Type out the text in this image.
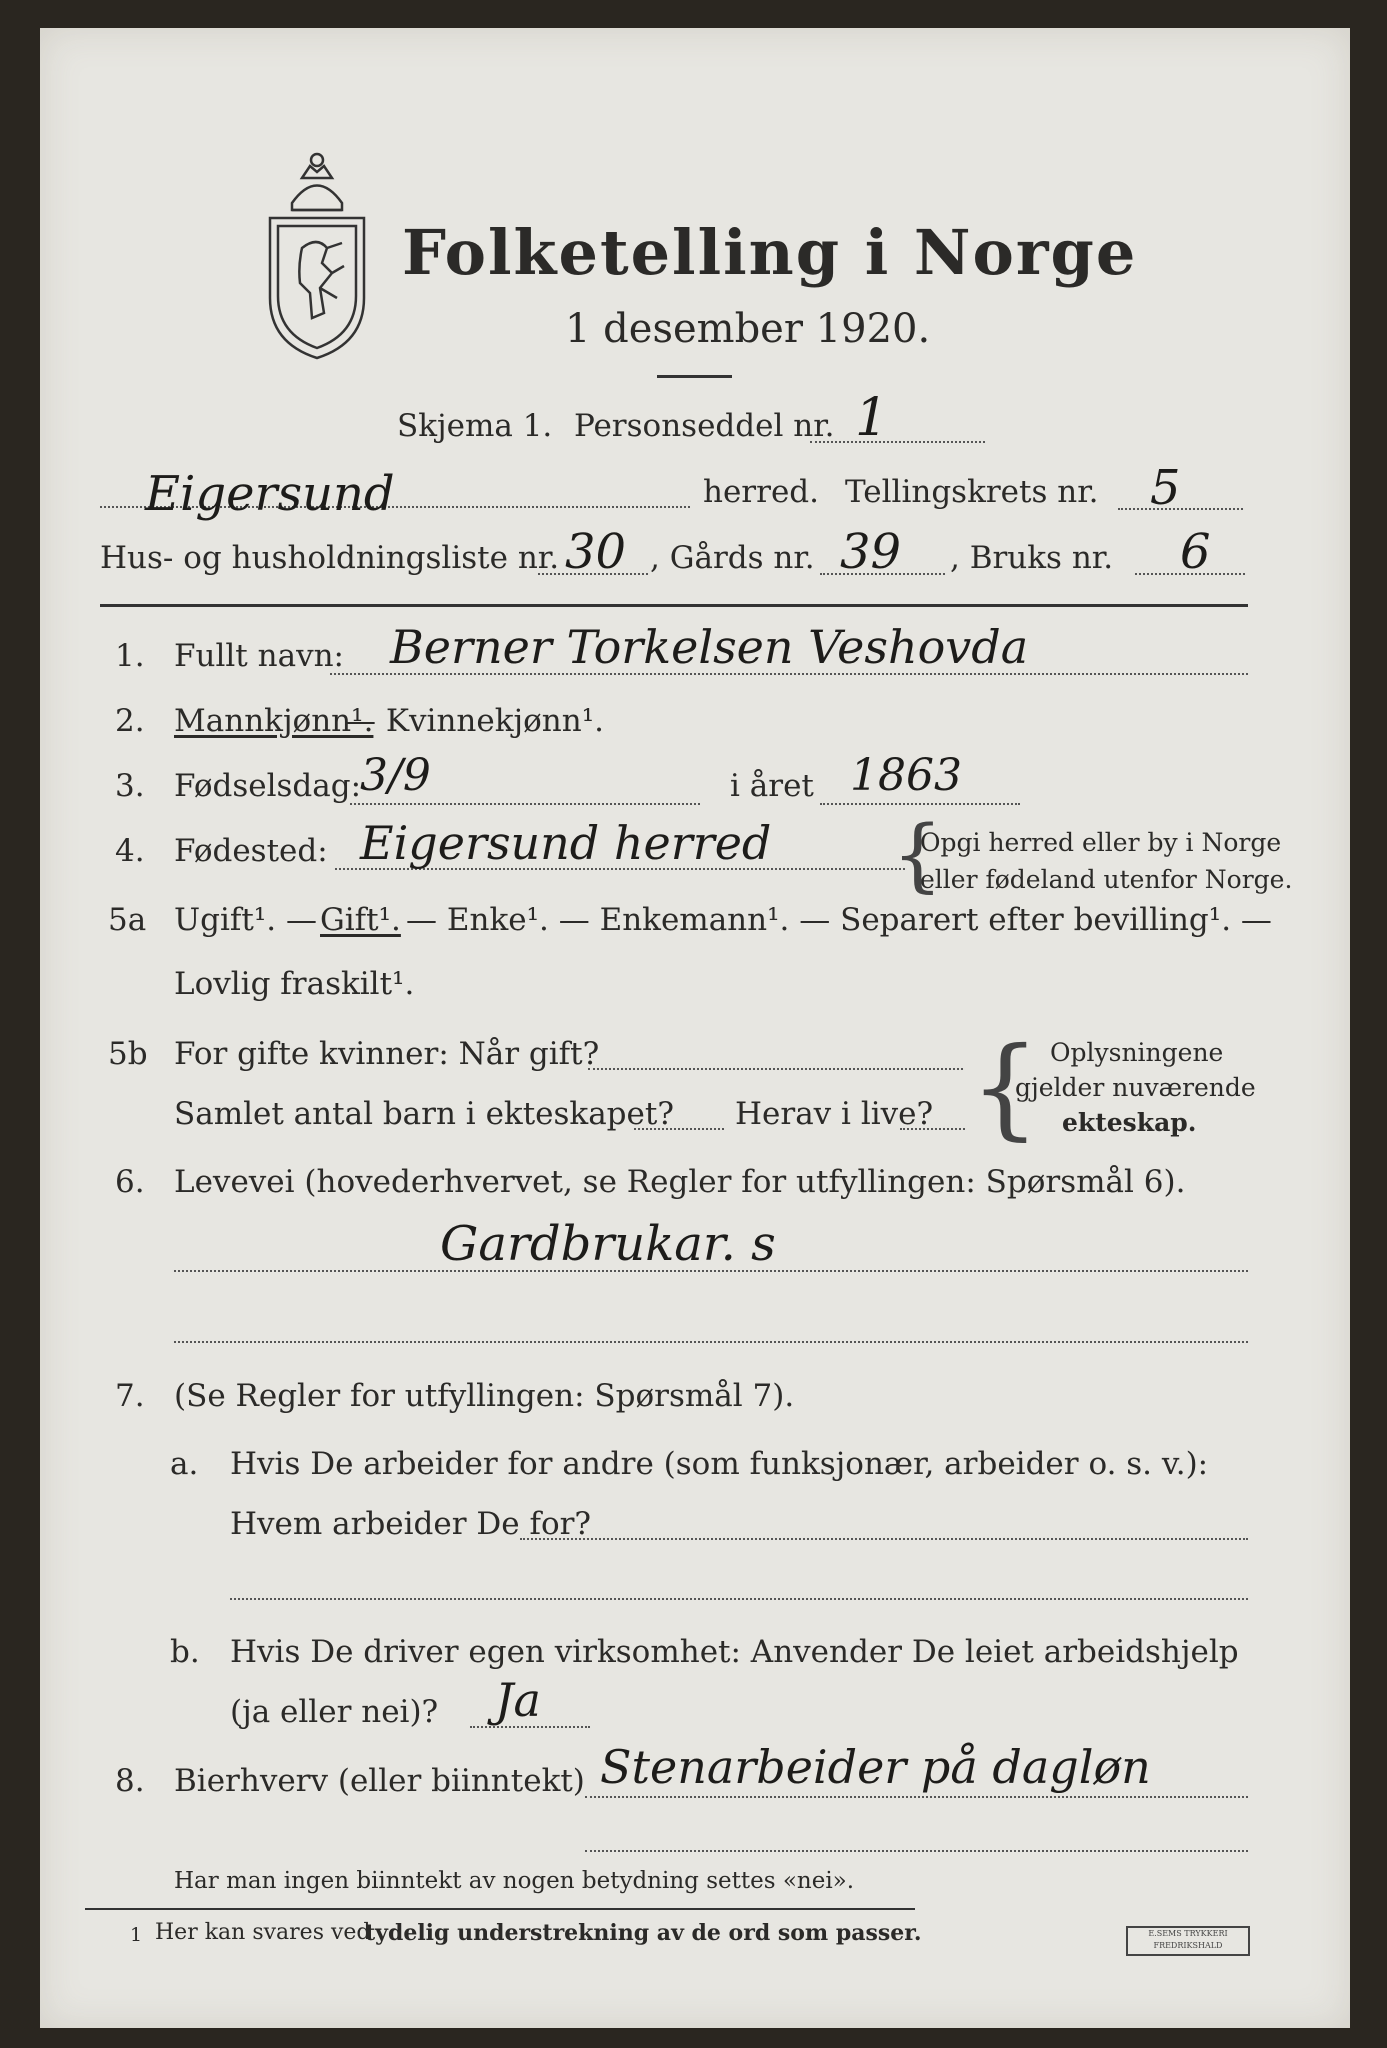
Folketelling i Norge
1 desember 1920.
Skjema 1. Personseddel nr. 1
Eigersund	herred. Tellingskrets nr. 5
Hus- og husholdningsliste nr. 30 , Gårds nr. 39 , Bruks nr. 6
1. Fullt navn: Berner Torkelsen Veshovda
2. Mannkjønn¹.
— Kvinnekjønn¹.
3. Fødselsdag:
3/9	i året 1863
4. Fødested: Eigersund herred {
Opgi herred eller by i Norge
eller fødeland utenfor Norge.
5a Ugift¹. — Gift¹. — Enke¹. — Enkemann¹. — Separert efter bevilling¹. —
Lovlig fraskilt¹.
5b For gifte kvinner: Når gift?
Samlet antal barn i ekteskapet? Herav i live? { Oplysningene
gjelder nuværende
ekteskap.
6. Levevei (hovederhvervet, se Regler for utfyllingen: Spørsmål 6).
Gardbrukar. s
7. (Se Regler for utfyllingen: Spørsmål 7).
a. Hvis De arbeider for andre (som funksjonær, arbeider o. s. v.):
Hvem arbeider De for?
b. Hvis De driver egen virksomhet: Anvender De leiet arbeidshjelp
(ja eller nei)? Ja
8. Bierhverv (eller biinntekt) Stenarbeider på dagløn
Har man ingen biinntekt av nogen betydning settes «nei».
1 Her kan svares ved
tydelig understrekning av de ord som passer.	E.SEMS TRYKKERI FREDRIKSHALD
